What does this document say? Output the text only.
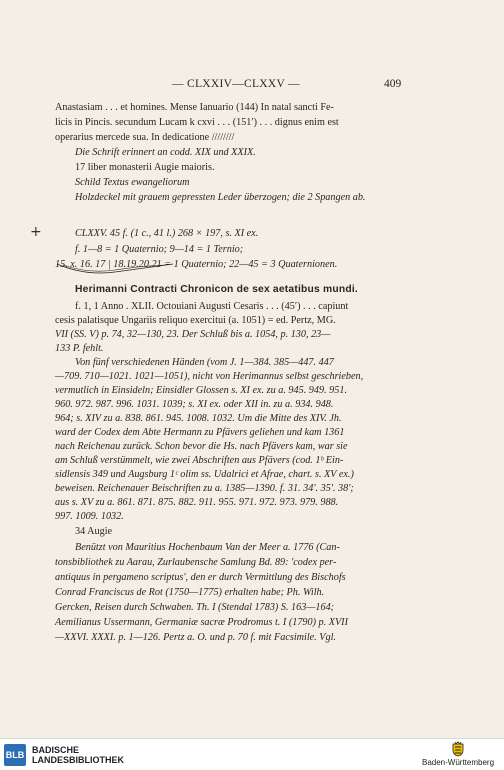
— CLXXIV—CLXXV —	409
Anastasiam . . . et homines. Mense Ianuario (144) In natal sancti Fe-
licis in Pincis. secundum Lucam k cxvi . . . (151ʹ) . . . dignus enim est
operarius mercede sua. In dedicatione ////////
Die Schrift erinnert an codd. XIX und XXIX.
17 liber monasterii Augie maioris.
Schild Textus ewangeliorum
Holzdeckel mit grauem gepressten Leder überzogen; die 2 Spangen ab.
+	CLXXV. 45 f. (1 c., 41 l.) 268 × 197, s. XI ex.
f. 1—8 = 1 Quaternio; 9—14 = 1 Ternio;
15. x. 16. 17 | 18.19.20.21 = 1 Quaternio; 22—45 = 3 Quaternionen.
Herimanni Contracti Chronicon de sex aetatibus mundi.
f. 1, 1 Anno . XLII. Octouiani Augusti Cesaris . . . (45ʹ) . . . capiunt
cesis palatisque Ungariis reliquo exercitui (a. 1051) = ed. Pertz, MG.
VII (SS. V) p. 74, 32—130, 23. Der Schluß bis a. 1054, p. 130, 23—
133 P. fehlt.
Von fünf verschiedenen Händen (vom J. 1—384. 385—447. 447
—709. 710—1021. 1021—1051), nicht von Herimannus selbst geschrieben,
vermutlich in Einsideln; Einsidler Glossen s. XI ex. zu a. 945. 949. 951.
960. 972. 987. 996. 1031. 1039; s. XI ex. oder XII in. zu a. 934. 948.
964; s. XIV zu a. 838. 861. 945. 1008. 1032. Um die Mitte des XIV. Jh.
ward der Codex dem Abte Hermann zu Pfävers geliehen und kam 1361
nach Reichenau zurück. Schon bevor die Hs. nach Pfävers kam, war sie
am Schluß verstümmelt, wie zwei Abschriften aus Pfävers (cod. 1ᵇ Ein-
sidlensis 349 und Augsburg 1ᶜ olim ss. Udalrici et Afrae, chart. s. XV ex.)
beweisen. Reichenauer Beischriften zu a. 1385—1390. f. 31. 34ʹ. 35ʹ. 38ʹ;
aus s. XV zu a. 861. 871. 875. 882. 911. 955. 971. 972. 973. 979. 988.
997. 1009. 1032.
34 Augie
Benützt von Mauritius Hochenbaum Van der Meer a. 1776 (Can-
tonsbibliothek zu Aarau, Zurlaubensche Samlung Bd. 89: 'codex per-
antiquus in pergameno scriptus', den er durch Vermittlung des Bischofs
Conrad Franciscus de Rot (1750—1775) erhalten habe; Ph. Wilh.
Gercken, Reisen durch Schwaben. Th. I (Stendal 1783) S. 163—164;
Aemilianus Ussermann, Germaniæ sacræ Prodromus t. I (1790) p. XVII
—XXVI. XXXI. p. 1—126. Pertz a. O. und p. 70 f. mit Facsimile. Vgl.
BLB BADISCHE
LANDESBIBLIOTHEK	Baden-Württemberg
